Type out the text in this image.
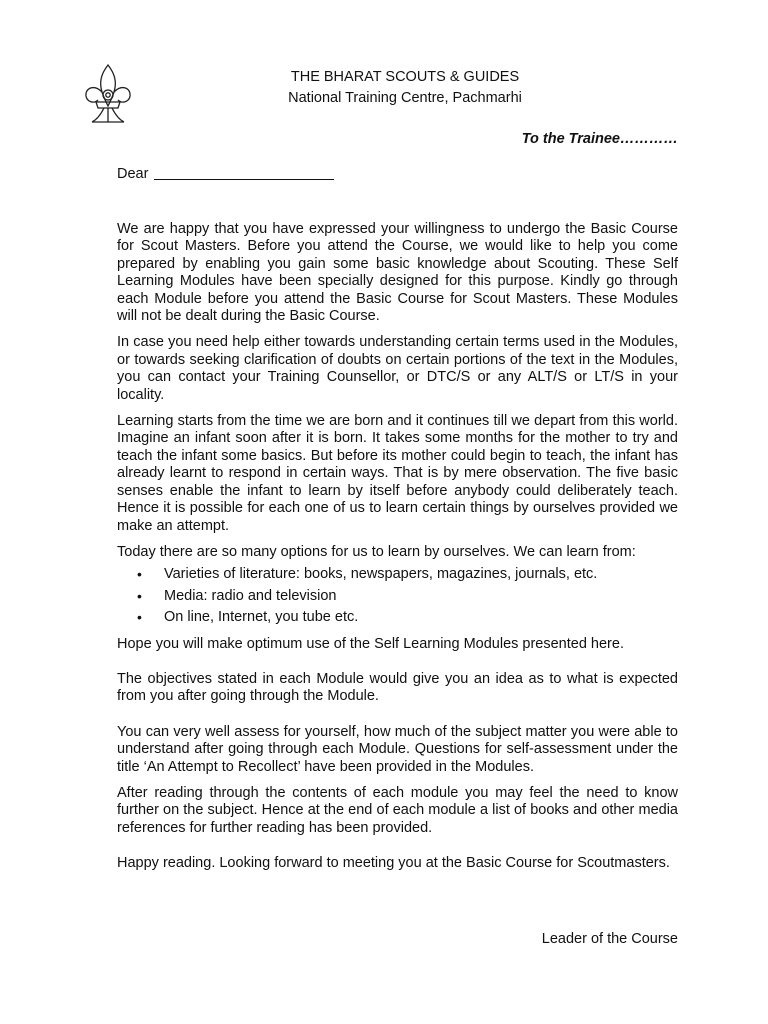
THE BHARAT SCOUTS & GUIDES
National Training Centre, Pachmarhi
To the Trainee…………
Dear

We are happy that you have expressed your willingness to undergo the Basic Course for Scout Masters. Before you attend the Course, we would like to help you come prepared by enabling you gain some basic knowledge about Scouting. These Self Learning Modules have been specially designed for this purpose. Kindly go through each Module before you attend the Basic Course for Scout Masters. These Modules will not be dealt during the Basic Course.

In case you need help either towards understanding certain terms used in the Modules, or towards seeking clarification of doubts on certain portions of the text in the Modules, you can contact your Training Counsellor, or DTC/S or any ALT/S or LT/S in your locality.

Learning starts from the time we are born and it continues till we depart from this world. Imagine an infant soon after it is born. It takes some months for the mother to try and teach the infant some basics. But before its mother could begin to teach, the infant has already learnt to respond in certain ways. That is by mere observation. The five basic senses enable the infant to learn by itself before anybody could deliberately teach. Hence it is possible for each one of us to learn certain things by ourselves provided we make an attempt.

Today there are so many options for us to learn by ourselves. We can learn from:

• Varieties of literature: books, newspapers, magazines, journals, etc.
• Media: radio and television
• On line, Internet, you tube etc.

Hope you will make optimum use of the Self Learning Modules presented here.

The objectives stated in each Module would give you an idea as to what is expected from you after going through the Module.

You can very well assess for yourself, how much of the subject matter you were able to understand after going through each Module. Questions for self-assessment under the title ‘An Attempt to Recollect’ have been provided in the Modules.

After reading through the contents of each module you may feel the need to know further on the subject. Hence at the end of each module a list of books and other media references for further reading has been provided.

Happy reading. Looking forward to meeting you at the Basic Course for Scoutmasters.

Leader of the Course
